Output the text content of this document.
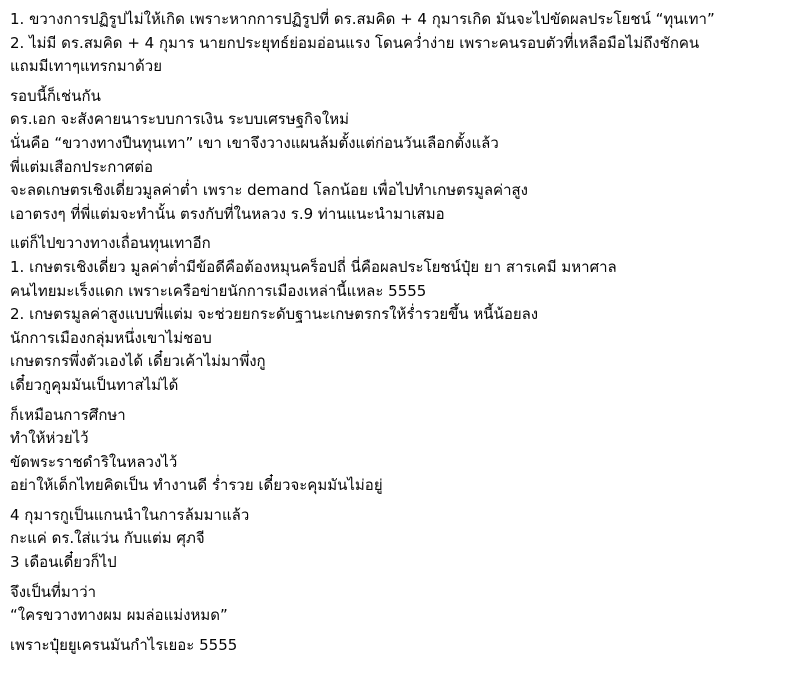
1. ขวางการปฏิรูปไม่ให้เกิด เพราะหากการปฏิรูปที่ ดร.สมคิด + 4 กุมารเกิด มันจะไปขัดผลประโยชน์ “ทุนเทา”
2. ไม่มี ดร.สมคิด + 4 กุมาร นายกประยุทธ์ย่อมอ่อนแรง โดนคว่ำง่าย เพราะคนรอบตัวที่เหลือมือไม่ถึงชักคน
แถมมีเทาๆแทรกมาด้วย
รอบนี้ก็เช่นกัน
ดร.เอก จะสังคายนาระบบการเงิน ระบบเศรษฐกิจใหม่
นั่นคือ “ขวางทางปืนทุนเทา” เขา เขาจึงวางแผนล้มตั้งแต่ก่อนวันเลือกตั้งแล้ว
พี่แต่มเสือกประกาศต่อ
จะลดเกษตรเชิงเดี่ยวมูลค่าต่ำ เพราะ demand โลกน้อย เพื่อไปทำเกษตรมูลค่าสูง
เอาตรงๆ ที่พี่แต่มจะทำนั้น ตรงกับที่ในหลวง ร.9 ท่านแนะนำมาเสมอ
แต่ก็ไปขวางทางเถื่อนทุนเทาอีก
1. เกษตรเชิงเดี่ยว มูลค่าต่ำมีข้อดีคือต้องหมุนคร็อปถี่ นี่คือผลประโยชน์ปุ๋ย ยา สารเคมี มหาศาล
คนไทยมะเร็งแดก เพราะเครือข่ายนักการเมืองเหล่านี้แหละ 5555
2. เกษตรมูลค่าสูงแบบพี่แต่ม จะช่วยยกระดับฐานะเกษตรกรให้ร่ำรวยขึ้น หนี้น้อยลง
นักการเมืองกลุ่มหนึ่งเขาไม่ชอบ
เกษตรกรพึ่งตัวเองได้ เดี๋ยวเค้าไม่มาพึ่งกู
เดี๋ยวกูคุมมันเป็นทาสไม่ได้
ก็เหมือนการศึกษา
ทำให้ห่วยไว้
ขัดพระราชดำริในหลวงไว้
อย่าให้เด็กไทยคิดเป็น ทำงานดี ร่ำรวย เดี๋ยวจะคุมมันไม่อยู่
4 กุมารกูเป็นแกนนำในการล้มมาแล้ว
กะแค่ ดร.ใส่แว่น กับแต่ม ศุภจี
3 เดือนเดี๋ยวก็ไป
จึงเป็นที่มาว่า
“ใครขวางทางผม ผมล่อแม่งหมด”
เพราะปุ๋ยยูเครนมันกำไรเยอะ 5555
